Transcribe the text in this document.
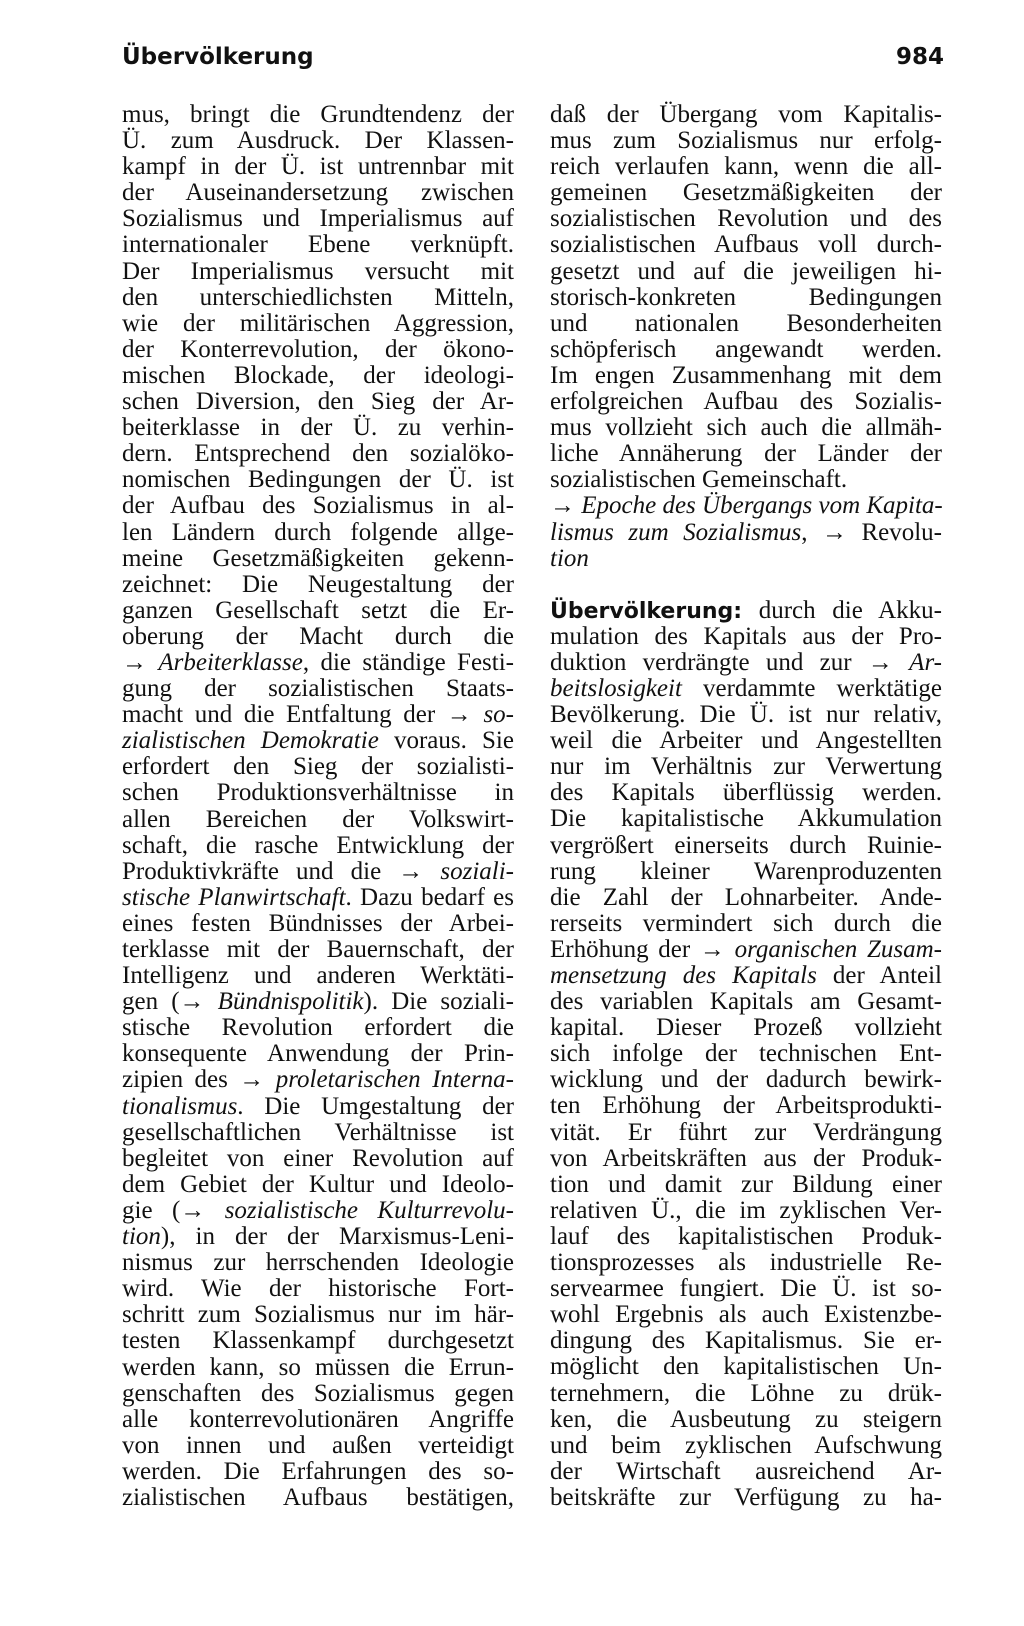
Übervölkerung	984
mus, bringt die Grundtendenz der
Ü. zum Ausdruck. Der Klassen-
kampf in der Ü. ist untrennbar mit
der Auseinandersetzung zwischen
Sozialismus und Imperialismus auf
internationaler Ebene verknüpft.
Der Imperialismus versucht mit
den unterschiedlichsten Mitteln,
wie der militärischen Aggression,
der Konterrevolution, der ökono-
mischen Blockade, der ideologi-
schen Diversion, den Sieg der Ar-
beiterklasse in der Ü. zu verhin-
dern. Entsprechend den sozialöko-
nomischen Bedingungen der Ü. ist
der Aufbau des Sozialismus in al-
len Ländern durch folgende allge-
meine Gesetzmäßigkeiten gekenn-
zeichnet: Die Neugestaltung der
ganzen Gesellschaft setzt die Er-
oberung der Macht durch die
→ Arbeiterklasse, die ständige Festi-
gung der sozialistischen Staats-
macht und die Entfaltung der → so-
zialistischen Demokratie voraus. Sie
erfordert den Sieg der sozialisti-
schen Produktionsverhältnisse in
allen Bereichen der Volkswirt-
schaft, die rasche Entwicklung der
Produktivkräfte und die → soziali-
stische Planwirtschaft. Dazu bedarf es
eines festen Bündnisses der Arbei-
terklasse mit der Bauernschaft, der
Intelligenz und anderen Werktäti-
gen (→ Bündnispolitik). Die soziali-
stische Revolution erfordert die
konsequente Anwendung der Prin-
zipien des → proletarischen Interna-
tionalismus. Die Umgestaltung der
gesellschaftlichen Verhältnisse ist
begleitet von einer Revolution auf
dem Gebiet der Kultur und Ideolo-
gie (→ sozialistische Kulturrevolu-
tion), in der der Marxismus-Leni-
nismus zur herrschenden Ideologie
wird. Wie der historische Fort-
schritt zum Sozialismus nur im här-
testen Klassenkampf durchgesetzt
werden kann, so müssen die Errun-
genschaften des Sozialismus gegen
alle konterrevolutionären Angriffe
von innen und außen verteidigt
werden. Die Erfahrungen des so-
zialistischen Aufbaus bestätigen,
daß der Übergang vom Kapitalis-
mus zum Sozialismus nur erfolg-
reich verlaufen kann, wenn die all-
gemeinen Gesetzmäßigkeiten der
sozialistischen Revolution und des
sozialistischen Aufbaus voll durch-
gesetzt und auf die jeweiligen hi-
storisch-konkreten Bedingungen
und nationalen Besonderheiten
schöpferisch angewandt werden.
Im engen Zusammenhang mit dem
erfolgreichen Aufbau des Sozialis-
mus vollzieht sich auch die allmäh-
liche Annäherung der Länder der
sozialistischen Gemeinschaft.
→ Epoche des Übergangs vom Kapita-
lismus zum Sozialismus, → Revolu-
tion
Übervölkerung: durch die Akku-
mulation des Kapitals aus der Pro-
duktion verdrängte und zur → Ar-
beitslosigkeit verdammte werktätige
Bevölkerung. Die Ü. ist nur relativ,
weil die Arbeiter und Angestellten
nur im Verhältnis zur Verwertung
des Kapitals überflüssig werden.
Die kapitalistische Akkumulation
vergrößert einerseits durch Ruinie-
rung kleiner Warenproduzenten
die Zahl der Lohnarbeiter. Ande-
rerseits vermindert sich durch die
Erhöhung der → organischen Zusam-
mensetzung des Kapitals der Anteil
des variablen Kapitals am Gesamt-
kapital. Dieser Prozeß vollzieht
sich infolge der technischen Ent-
wicklung und der dadurch bewirk-
ten Erhöhung der Arbeitsprodukti-
vität. Er führt zur Verdrängung
von Arbeitskräften aus der Produk-
tion und damit zur Bildung einer
relativen Ü., die im zyklischen Ver-
lauf des kapitalistischen Produk-
tionsprozesses als industrielle Re-
servearmee fungiert. Die Ü. ist so-
wohl Ergebnis als auch Existenzbe-
dingung des Kapitalismus. Sie er-
möglicht den kapitalistischen Un-
ternehmern, die Löhne zu drük-
ken, die Ausbeutung zu steigern
und beim zyklischen Aufschwung
der Wirtschaft ausreichend Ar-
beitskräfte zur Verfügung zu ha-
